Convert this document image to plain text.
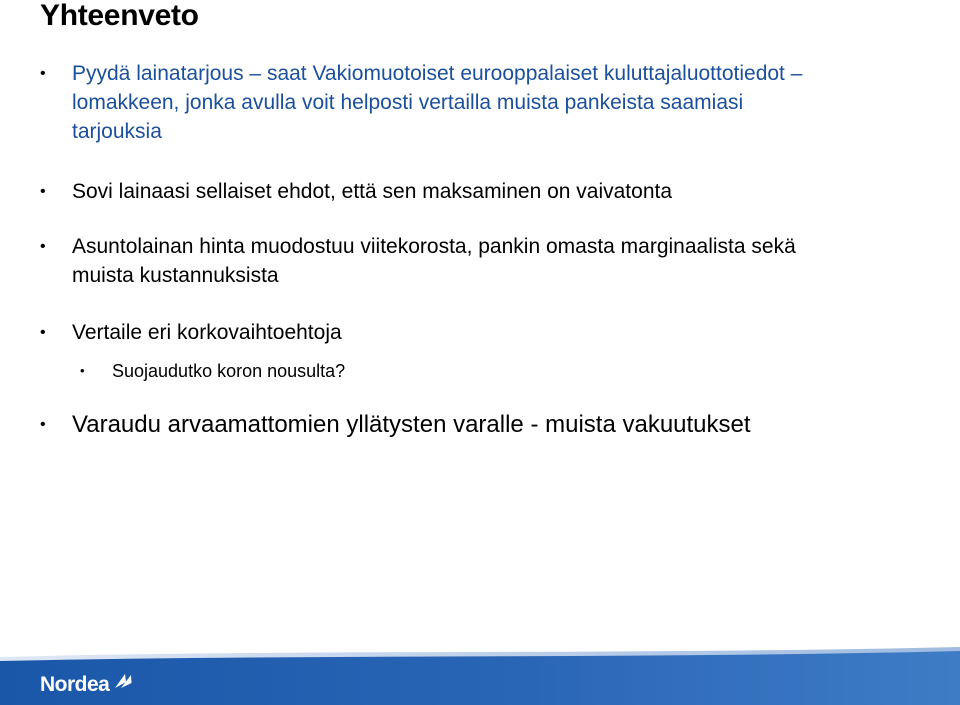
Yhteenveto
• Pyydä lainatarjous – saat Vakiomuotoiset eurooppalaiset kuluttajaluottotiedot –
lomakkeen, jonka avulla voit helposti vertailla muista pankeista saamiasi
tarjouksia
• Sovi lainaasi sellaiset ehdot, että sen maksaminen on vaivatonta
• Asuntolainan hinta muodostuu viitekorosta, pankin omasta marginaalista sekä
muista kustannuksista
• Vertaile eri korkovaihtoehtoja
• Suojaudutko koron nousulta?
• Varaudu arvaamattomien yllätysten varalle - muista vakuutukset
Nordea
